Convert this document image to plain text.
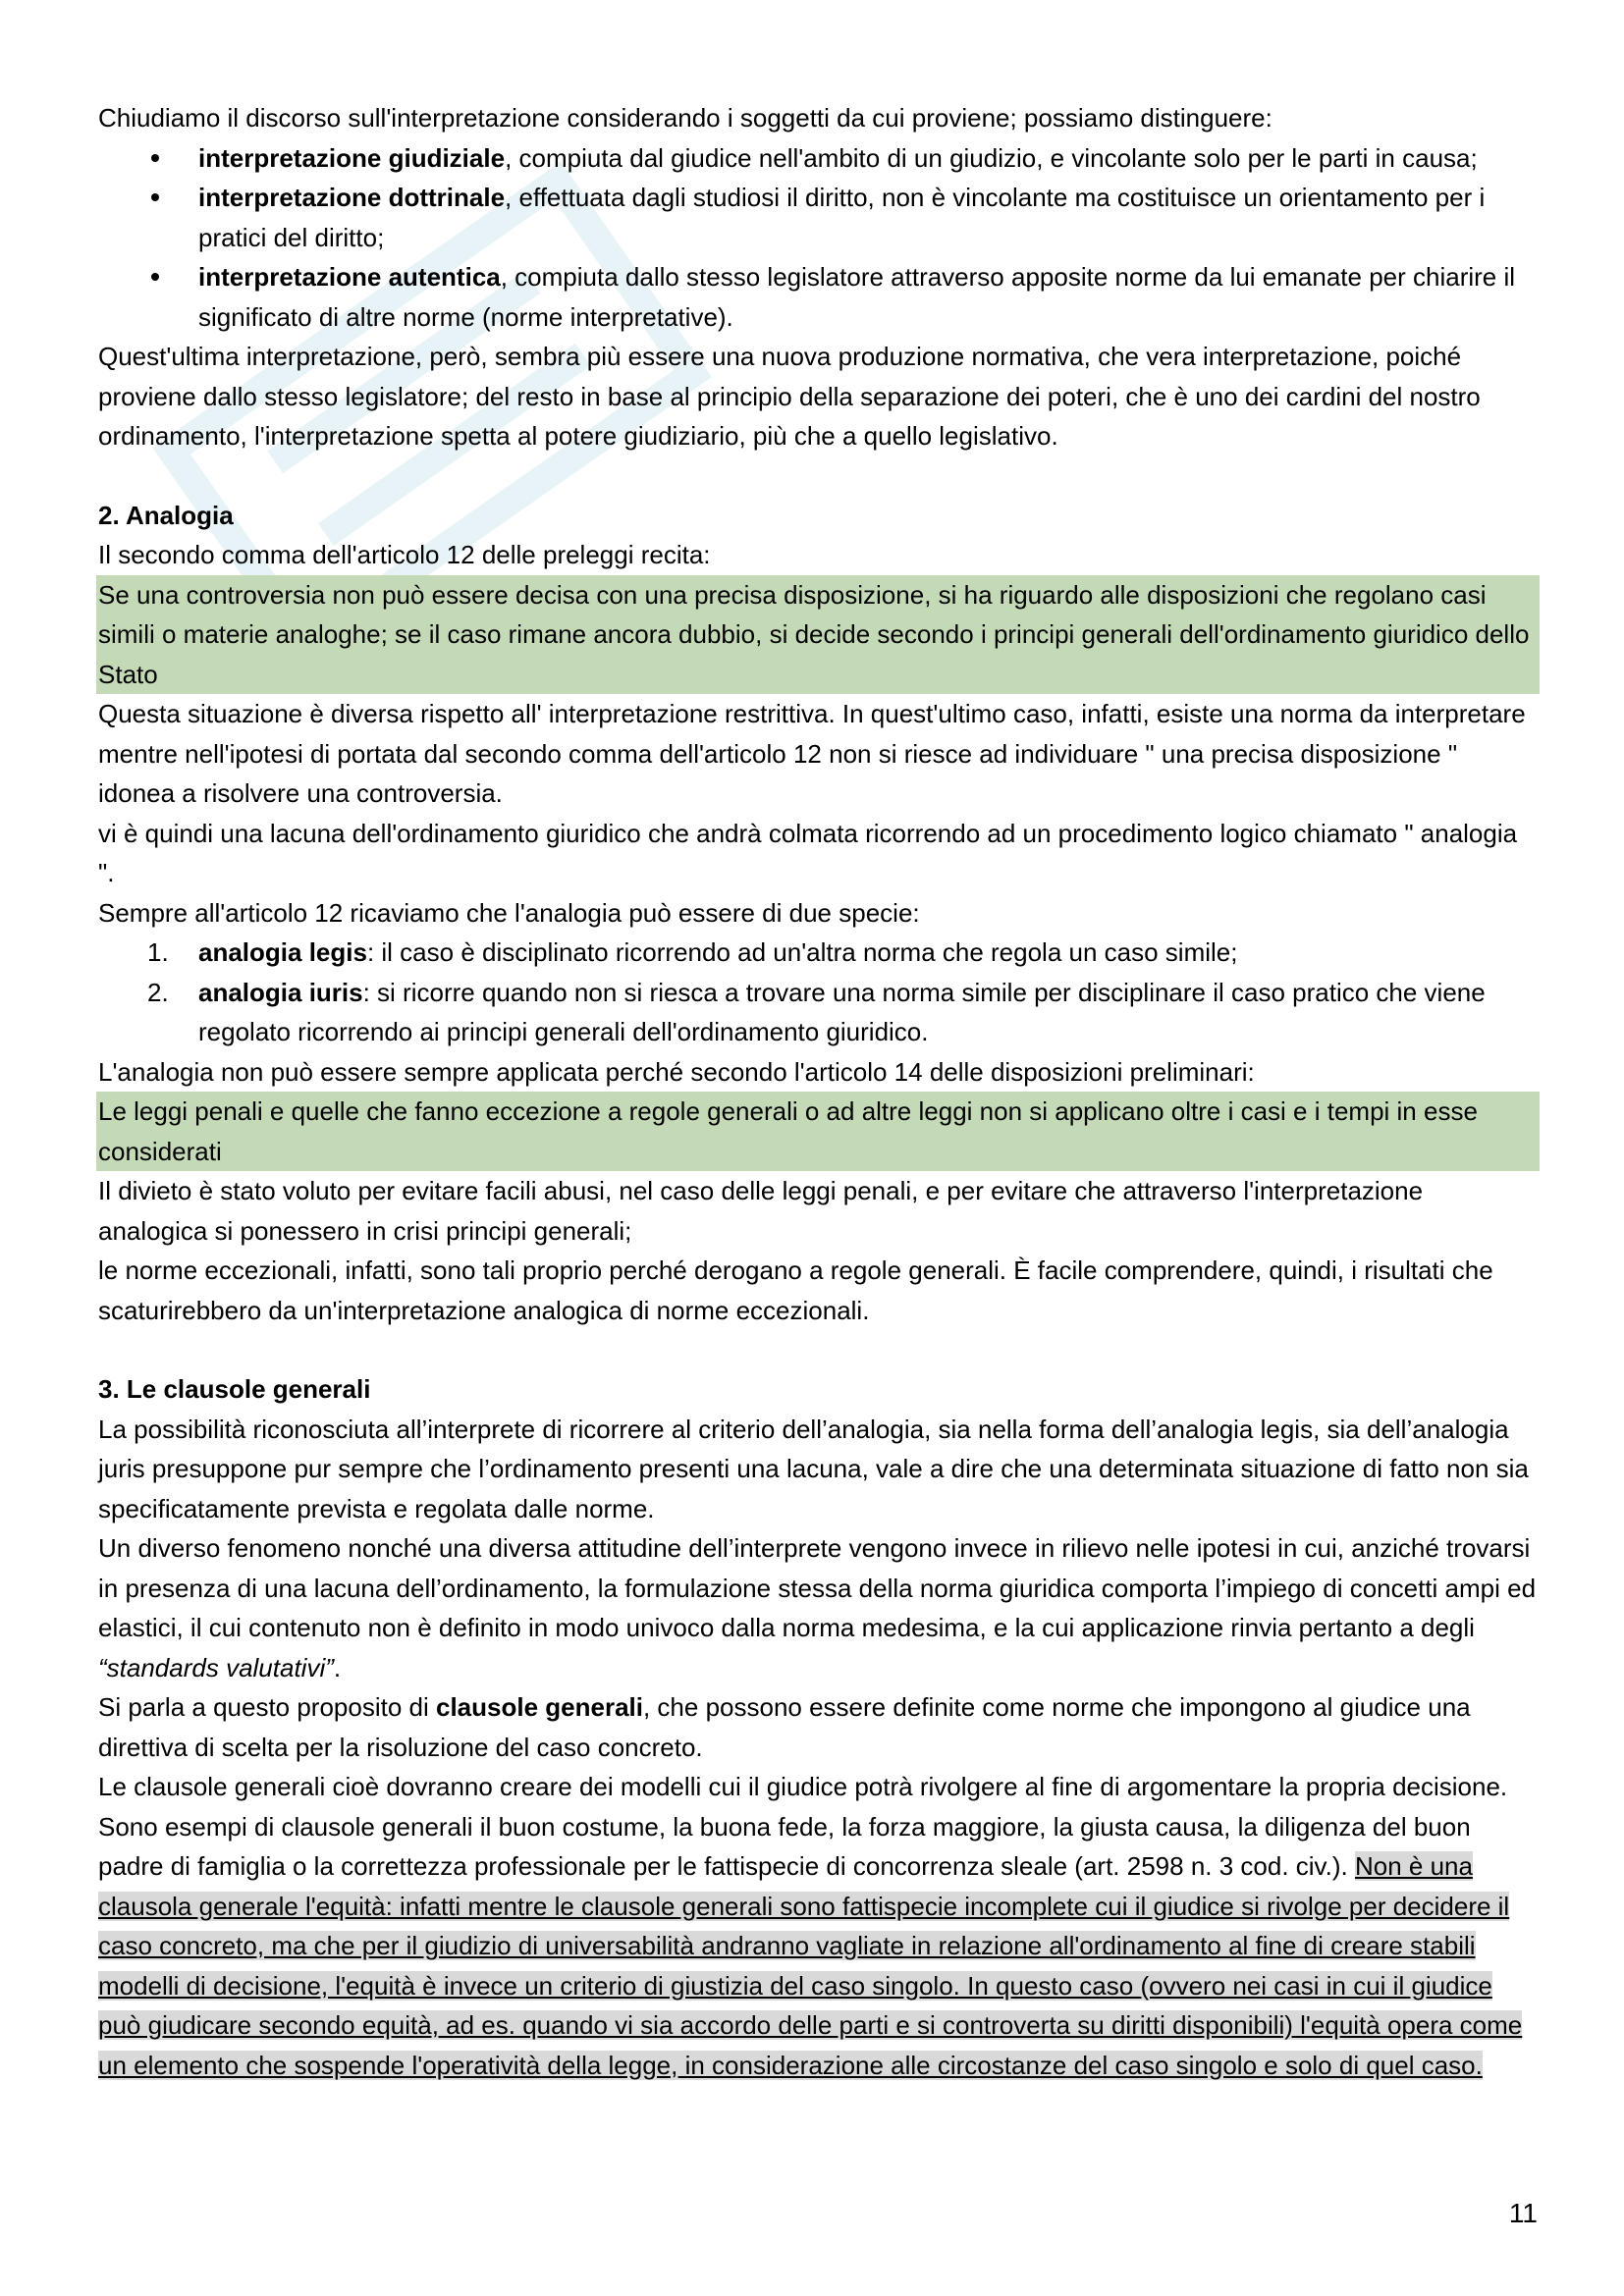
Chiudiamo il discorso sull'interpretazione considerando i soggetti da cui proviene; possiamo distinguere:

interpretazione giudiziale, compiuta dal giudice nell'ambito di un giudizio, e vincolante solo per le parti in causa;
interpretazione dottrinale, effettuata dagli studiosi il diritto, non è vincolante ma costituisce un orientamento per i pratici del diritto;
interpretazione autentica, compiuta dallo stesso legislatore attraverso apposite norme da lui emanate per chiarire il significato di altre norme (norme interpretative).

Quest'ultima interpretazione, però, sembra più essere una nuova produzione normativa, che vera interpretazione, poiché proviene dallo stesso legislatore; del resto in base al principio della separazione dei poteri, che è uno dei cardini del nostro ordinamento, l'interpretazione spetta al potere giudiziario, più che a quello legislativo.

2. Analogia

Il secondo comma dell'articolo 12 delle preleggi recita:

Se una controversia non può essere decisa con una precisa disposizione, si ha riguardo alle disposizioni che regolano casi simili o materie analoghe; se il caso rimane ancora dubbio, si decide secondo i principi generali dell'ordinamento giuridico dello Stato

Questa situazione è diversa rispetto all' interpretazione restrittiva. In quest'ultimo caso, infatti, esiste una norma da interpretare mentre nell'ipotesi di portata dal secondo comma dell'articolo 12 non si riesce ad individuare " una precisa disposizione " idonea a risolvere una controversia.

vi è quindi una lacuna dell'ordinamento giuridico che andrà colmata ricorrendo ad un procedimento logico chiamato " analogia ".

Sempre all'articolo 12 ricaviamo che l'analogia può essere di due specie:

1. analogia legis: il caso è disciplinato ricorrendo ad un'altra norma che regola un caso simile;
2. analogia iuris: si ricorre quando non si riesca a trovare una norma simile per disciplinare il caso pratico che viene regolato ricorrendo ai principi generali dell'ordinamento giuridico.

L'analogia non può essere sempre applicata perché secondo l'articolo 14 delle disposizioni preliminari:

Le leggi penali e quelle che fanno eccezione a regole generali o ad altre leggi non si applicano oltre i casi e i tempi in esse considerati

Il divieto è stato voluto per evitare facili abusi, nel caso delle leggi penali, e per evitare che attraverso l'interpretazione analogica si ponessero in crisi principi generali;

le norme eccezionali, infatti, sono tali proprio perché derogano a regole generali. È facile comprendere, quindi, i risultati che scaturirebbero da un'interpretazione analogica di norme eccezionali.

3. Le clausole generali

La possibilità riconosciuta all’interprete di ricorrere al criterio dell’analogia, sia nella forma dell’analogia legis, sia dell’analogia juris presuppone pur sempre che l’ordinamento presenti una lacuna, vale a dire che una determinata situazione di fatto non sia specificatamente prevista e regolata dalle norme.

Un diverso fenomeno nonché una diversa attitudine dell’interprete vengono invece in rilievo nelle ipotesi in cui, anziché trovarsi in presenza di una lacuna dell’ordinamento, la formulazione stessa della norma giuridica comporta l’impiego di concetti ampi ed elastici, il cui contenuto non è definito in modo univoco dalla norma medesima, e la cui applicazione rinvia pertanto a degli “standards valutativi”.

Si parla a questo proposito di clausole generali, che possono essere definite come norme che impongono al giudice una direttiva di scelta per la risoluzione del caso concreto.

Le clausole generali cioè dovranno creare dei modelli cui il giudice potrà rivolgere al fine di argomentare la propria decisione. Sono esempi di clausole generali il buon costume, la buona fede, la forza maggiore, la giusta causa, la diligenza del buon padre di famiglia o la correttezza professionale per le fattispecie di concorrenza sleale (art. 2598 n. 3 cod. civ.). Non è una clausola generale l'equità: infatti mentre le clausole generali sono fattispecie incomplete cui il giudice si rivolge per decidere il caso concreto, ma che per il giudizio di universabilità andranno vagliate in relazione all'ordinamento al fine di creare stabili modelli di decisione, l'equità è invece un criterio di giustizia del caso singolo. In questo caso (ovvero nei casi in cui il giudice può giudicare secondo equità, ad es. quando vi sia accordo delle parti e si controverta su diritti disponibili) l'equità opera come un elemento che sospende l'operatività della legge, in considerazione alle circostanze del caso singolo e solo di quel caso.

11
